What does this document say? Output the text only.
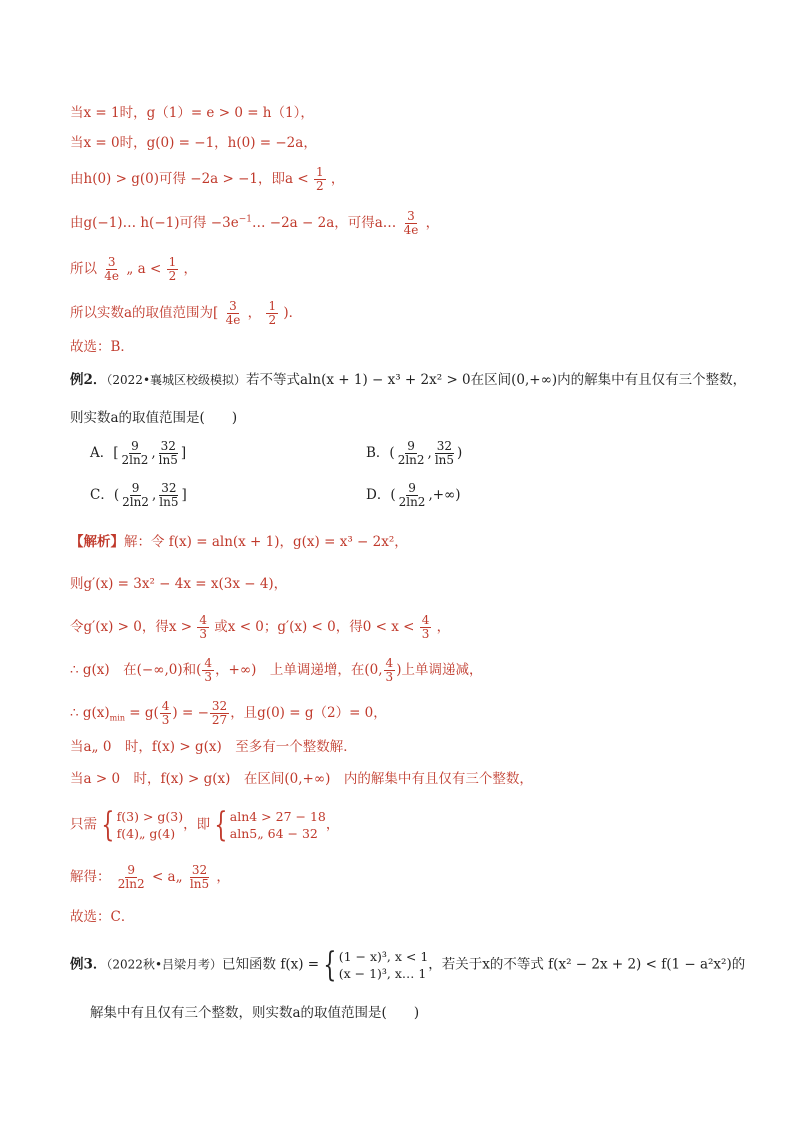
当x = 1时，g（1）= e > 0 = h（1），
当x = 0时，g(0) = −1，h(0) = −2a，
由h(0) > g(0)可得 −2a > −1，即$a < \frac{1}{2}$ ，
由g(−1)… h(−1)可得 $-3e^{-1}\dots -2a - 2a$，可得a… $\frac{3}{4e}$ ，
所以 $\frac{3}{4e}$ „ $a < \frac{1}{2}$ ，
所以实数a的取值范围为[ $\frac{3}{4e}$ ， $\frac{1}{2}$ )．
故选：B．
例2．（2022•襄城区校级模拟）若不等式aln(x + 1) − x³ + 2x² > 0在区间(0,+∞)内的解集中有且仅有三个整数，
则实数a的取值范围是(　　)
A．[ $\frac{9}{2\ln 2}$ , $\frac{32}{\ln 5}$ ]	B．( $\frac{9}{2\ln 2}$ , $\frac{32}{\ln 5}$ )
C．( $\frac{9}{2\ln 2}$ , $\frac{32}{\ln 5}$ ]	D．( $\frac{9}{2\ln 2}$ ,+∞)
【解析】解：令 f(x) = aln(x + 1)，g(x) = x³ − 2x²，
则g′(x) = 3x² − 4x = x(3x − 4)，
令g′(x) > 0，得$x > \frac{4}{3}$ 或x < 0；g′(x) < 0，得$0 < x < \frac{4}{3}$ ，
∴ g(x)　在(−∞,0)和( $\frac{4}{3}$ ，+∞)　上单调递增，在(0, $\frac{4}{3}$ )上单调递减，
∴ $g(x)_{min} = g( \frac{4}{3}$ ) = − $\frac{32}{27}$ ，且g(0) = g（2）= 0，
当a„ 0　时，f(x) > g(x)　至多有一个整数解．
当a > 0　时，f(x) > g(x)　在区间(0,+∞)　内的解集中有且仅有三个整数，
只需 { f(3) > g(3)
f(4)„ g(4)
，即 { aln4 > 27 − 18
aln5„ 64 − 32
，
解得： $\frac{9}{2\ln 2}$ < a„ $\frac{32}{\ln 5}$ ，
故选：C．
例3．（2022秋•吕梁月考）已知函数 f(x) = { (1 − x)³, x < 1
(x − 1)³, x… 1
，若关于x的不等式 f(x² − 2x + 2) < f(1 − a²x²)的
解集中有且仅有三个整数，则实数a的取值范围是(　　)
